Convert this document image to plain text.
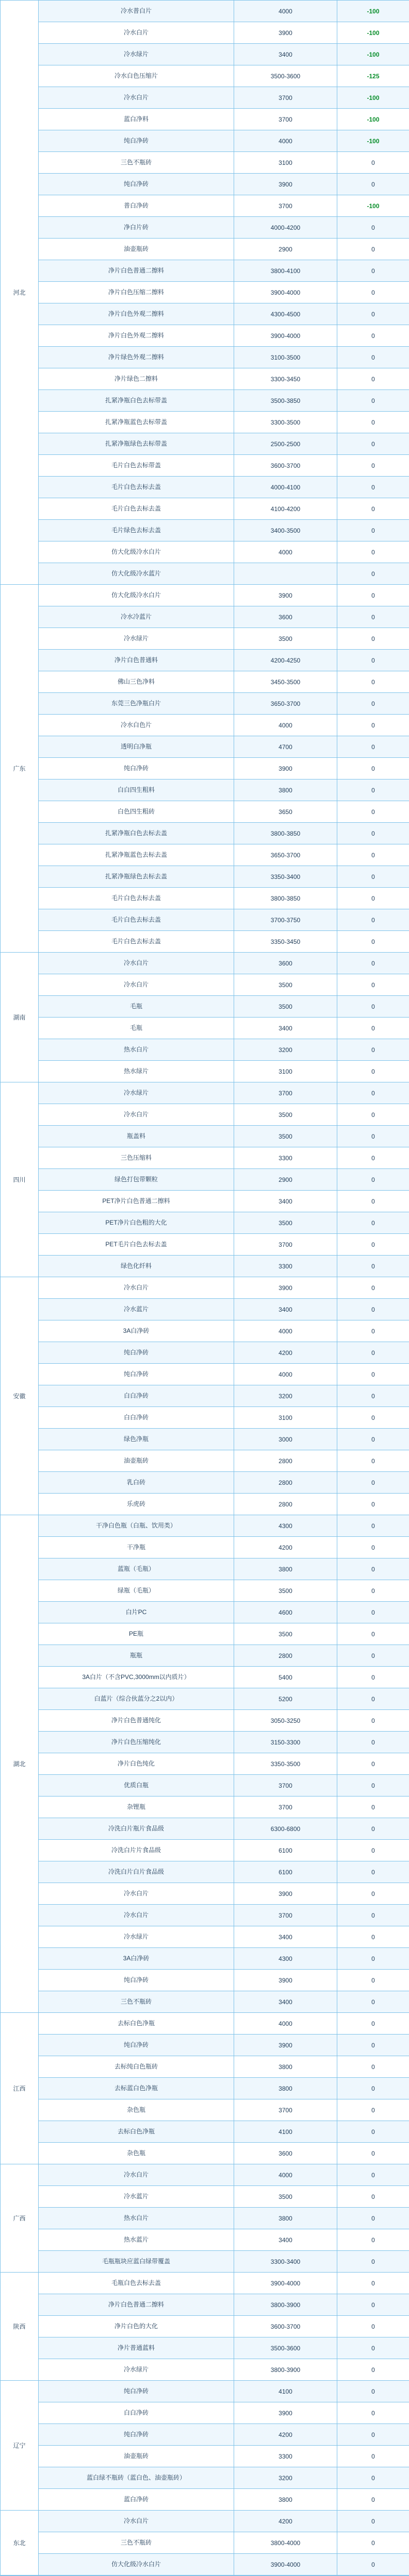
河北	冷水普白片	4000	-100
	冷水白片	3900	-100
	冷水绿片	3400	-100
	冷水白色压缩片	3500-3600	-125
	冷水白片	3700	-100
	蓝白净料	3700	-100
	纯白净砖	4000	-100
	三色不瓶砖	3100	0
	纯白净砖	3900	0
	普白净砖	3700	-100
	净白片砖	4000-4200	0
	油壶瓶砖	2900	0
	净片白色普通二擦料	3800-4100	0
	净片白色压缩二擦料	3900-4000	0
	净片白色外观二擦料	4300-4500	0
	净片白色外观二擦料	3900-4000	0
	净片绿色外观二擦料	3100-3500	0
	净片绿色二擦料	3300-3450	0
	扎紧净瓶白色去标带盖	3500-3850	0
	扎紧净瓶蓝色去标带盖	3300-3500	0
	扎紧净瓶绿色去标带盖	2500-2500	0
	毛片白色去标带盖	3600-3700	0
	毛片白色去标去盖	4000-4100	0
	毛片白色去标去盖	4100-4200	0
	毛片绿色去标去盖	3400-3500	0
	仿大化级冷水白片	4000	0
	仿大化级冷水蓝片		0
广东	仿大化级冷水白片	3900	0
	冷水冷蓝片	3600	0
	冷水绿片	3500	0
	净片白色普通料	4200-4250	0
	佛山三色净料	3450-3500	0
	东莞三色净瓶白片	3650-3700	0
	冷水白色片	4000	0
	透明白净瓶	4700	0
	纯白净砖	3900	0
	白白四生粗料	3800	0
	白色四生粗砖	3650	0
	扎紧净瓶白色去标去盖	3800-3850	0
	扎紧净瓶蓝色去标去盖	3650-3700	0
	扎紧净瓶绿色去标去盖	3350-3400	0
	毛片白色去标去盖	3800-3850	0
	毛片白色去标去盖	3700-3750	0
	毛片白色去标去盖	3350-3450	0
湖南	冷水白片	3600	0
	冷水白片	3500	0
	毛瓶	3500	0
	毛瓶	3400	0
	热水白片	3200	0
	热水绿片	3100	0
四川	冷水绿片	3700	0
	冷水白片	3500	0
	瓶盖料	3500	0
	三色压缩料	3300	0
	绿色打包带颗粒	2900	0
	PET净片白色普通二擦料	3400	0
	PET净片白色粗的大化	3500	0
	PET毛片白色去标去盖	3700	0
	绿色化纤料	3300	0
安徽	冷水白片	3900	0
	冷水蓝片	3400	0
	3A白净砖	4000	0
	纯白净砖	4200	0
	纯白净砖	4000	0
	白白净砖	3200	0
	白白净砖	3100	0
	绿色净瓶	3000	0
	油壶瓶砖	2800	0
	乳白砖	2800	0
	乐虎砖	2800	0
湖北	干净白色瓶（白瓶、饮用类）	4300	0
	干净瓶	4200	0
	蓝瓶（毛瓶）	3800	0
	绿瓶（毛瓶）	3500	0
	白片PC	4600	0
	PE瓶	3500	0
	瓶瓶	2800	0
	3A白片（不含PVC,3000mm以内质片）	5400	0
	白蓝片（综合伙蓝分之2以内）	5200	0
	净片白色普通纯化	3050-3250	0
	净片白色压缩纯化	3150-3300	0
	净片白色纯化	3350-3500	0
	优质白瓶	3700	0
	杂锂瓶	3700	0
	冷洗白片瓶片食品级	6300-6800	0
	冷洗白片片食品级	6100	0
	冷洗白片白片食品级	6100	0
	冷水白片	3900	0
	冷水白片	3700	0
	冷水绿片	3400	0
	3A白净砖	4300	0
	纯白净砖	3900	0
	三色不瓶砖	3400	0
江西	去标白色净瓶	4000	0
	纯白净砖	3900	0
	去标纯白色瓶砖	3800	0
	去标蓝白色净瓶	3800	0
	杂色瓶	3700	0
	去标白色净瓶	4100	0
	杂色瓶	3600	0
广西	冷水白片	4000	0
	冷水蓝片	3500	0
	热水白片	3800	0
	热水蓝片	3400	0
	毛瓶瓶块应蓝白绿带覆盖	3300-3400	0
陕西	毛瓶白色去标去盖	3900-4000	0
	净片白色普通二擦料	3800-3900	0
	净片白色的大化	3600-3700	0
	净片普通蓝料	3500-3600	0
	冷水绿片	3800-3900	0
辽宁	纯白净砖	4100	0
	白白净砖	3900	0
	纯白净砖	4200	0
	油壶瓶砖	3300	0
	蓝白绿不瓶砖（蓝白色、油壶瓶砖）	3200	0
	蓝白净砖	3800	0
东北	冷水白片	4200	0
	三色不瓶砖	3800-4000	0
	仿大化级冷水白片	3900-4000	0
